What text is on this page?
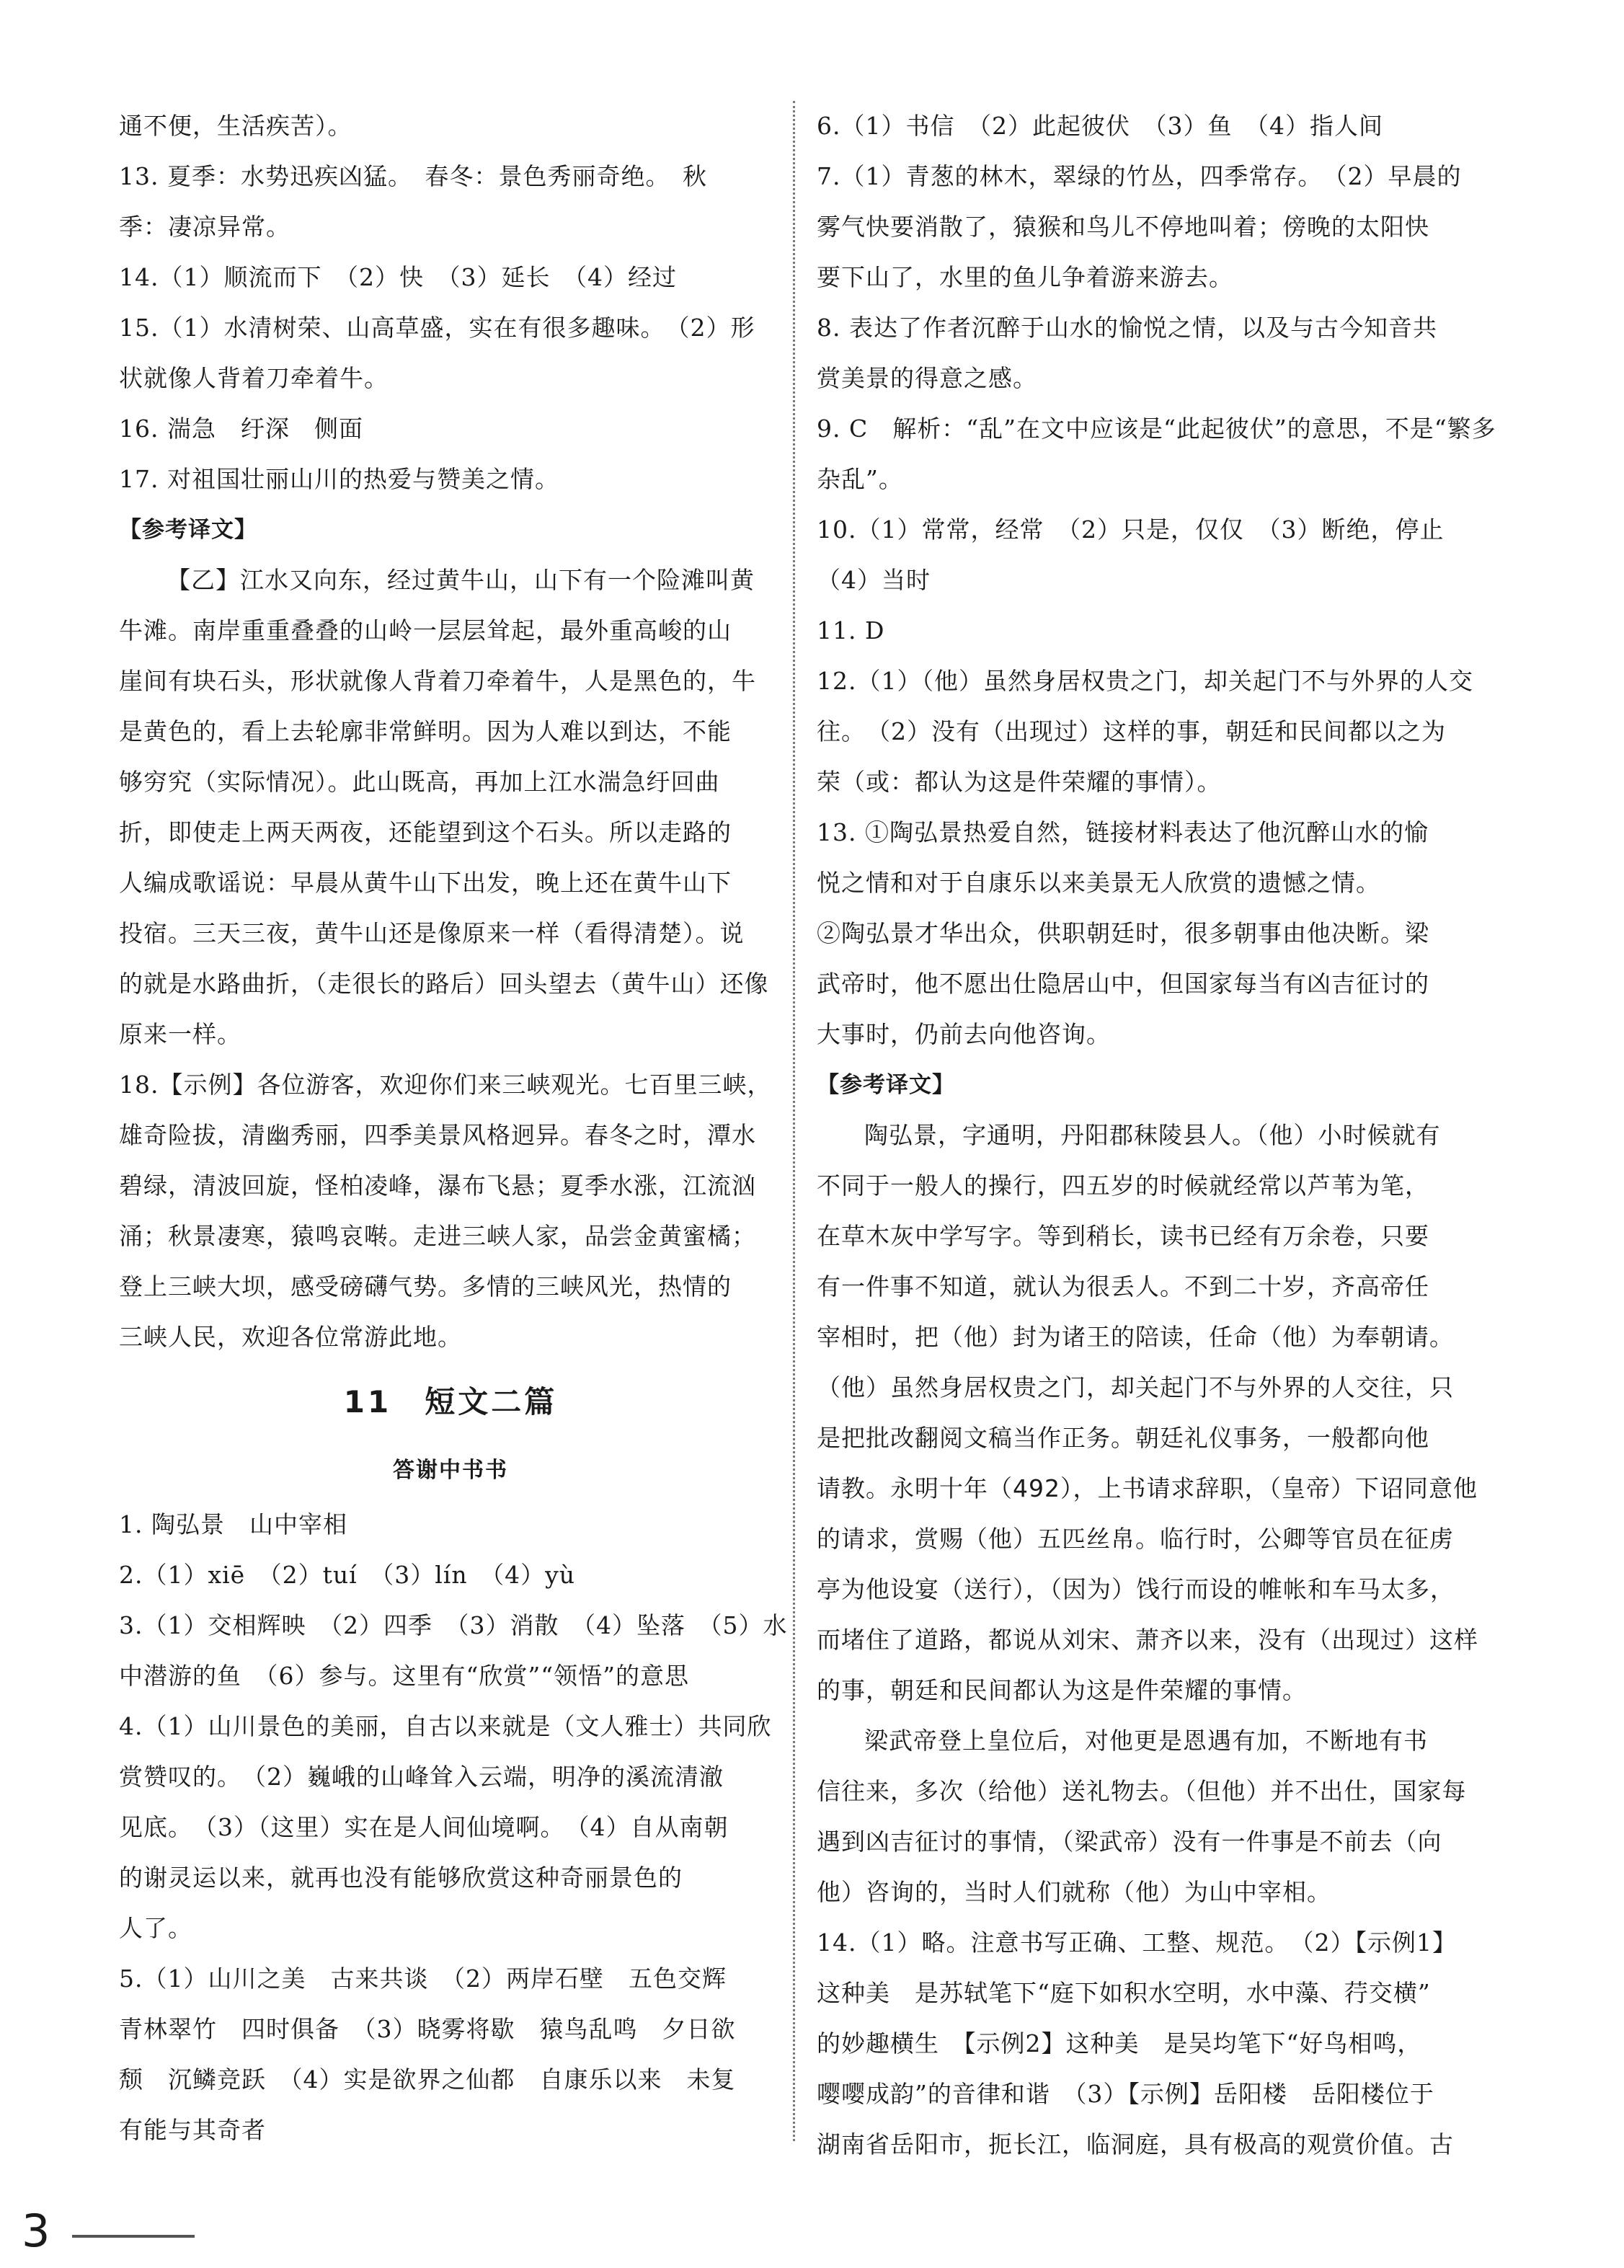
通不便，生活疾苦）。
13. 夏季：水势迅疾凶猛。　春冬：景色秀丽奇绝。　秋
季：凄凉异常。
14.（1）顺流而下　（2）快　（3）延长　（4）经过
15.（1）水清树荣、山高草盛，实在有很多趣味。　（2）形
状就像人背着刀牵着牛。
16. 湍急　纡深　侧面
17. 对祖国壮丽山川的热爱与赞美之情。
【参考译文】
【乙】江水又向东，经过黄牛山，山下有一个险滩叫黄
牛滩。南岸重重叠叠的山岭一层层耸起，最外重高峻的山
崖间有块石头，形状就像人背着刀牵着牛，人是黑色的，牛
是黄色的，看上去轮廓非常鲜明。因为人难以到达，不能
够穷究（实际情况）。此山既高，再加上江水湍急纡回曲
折，即使走上两天两夜，还能望到这个石头。所以走路的
人编成歌谣说：早晨从黄牛山下出发，晚上还在黄牛山下
投宿。三天三夜，黄牛山还是像原来一样（看得清楚）。说
的就是水路曲折，（走很长的路后）回头望去（黄牛山）还像
原来一样。
18.【示例】各位游客，欢迎你们来三峡观光。七百里三峡，
雄奇险拔，清幽秀丽，四季美景风格迥异。春冬之时，潭水
碧绿，清波回旋，怪柏凌峰，瀑布飞悬；夏季水涨，江流汹
涌；秋景凄寒，猿鸣哀啭。走进三峡人家，品尝金黄蜜橘；
登上三峡大坝，感受磅礴气势。多情的三峡风光，热情的
三峡人民，欢迎各位常游此地。
11　短文二篇
答谢中书书
1. 陶弘景　山中宰相
2.（1）xiē　（2）tuí　（3）lín　（4）yù
3.（1）交相辉映　（2）四季　（3）消散　（4）坠落　（5）水
中潜游的鱼　（6）参与。这里有“欣赏”“领悟”的意思
4.（1）山川景色的美丽，自古以来就是（文人雅士）共同欣
赏赞叹的。　（2）巍峨的山峰耸入云端，明净的溪流清澈
见底。　（3）（这里）实在是人间仙境啊。　（4）自从南朝
的谢灵运以来，就再也没有能够欣赏这种奇丽景色的
人了。
5.（1）山川之美　古来共谈　（2）两岸石壁　五色交辉
青林翠竹　四时俱备　（3）晓雾将歇　猿鸟乱鸣　夕日欲
颓　沉鳞竞跃　（4）实是欲界之仙都　自康乐以来　未复
有能与其奇者
6.（1）书信　（2）此起彼伏　（3）鱼　（4）指人间
7.（1）青葱的林木，翠绿的竹丛，四季常存。　（2）早晨的
雾气快要消散了，猿猴和鸟儿不停地叫着；傍晚的太阳快
要下山了，水里的鱼儿争着游来游去。
8. 表达了作者沉醉于山水的愉悦之情，以及与古今知音共
赏美景的得意之感。
9. C　解析：“乱”在文中应该是“此起彼伏”的意思，不是“繁多
杂乱”。
10.（1）常常，经常　（2）只是，仅仅　（3）断绝，停止
（4）当时
11. D
12.（1）（他）虽然身居权贵之门，却关起门不与外界的人交
往。　（2）没有（出现过）这样的事，朝廷和民间都以之为
荣（或：都认为这是件荣耀的事情）。
13. ①陶弘景热爱自然，链接材料表达了他沉醉山水的愉
悦之情和对于自康乐以来美景无人欣赏的遗憾之情。
②陶弘景才华出众，供职朝廷时，很多朝事由他决断。梁
武帝时，他不愿出仕隐居山中，但国家每当有凶吉征讨的
大事时，仍前去向他咨询。
【参考译文】
陶弘景，字通明，丹阳郡秣陵县人。（他）小时候就有
不同于一般人的操行，四五岁的时候就经常以芦苇为笔，
在草木灰中学写字。等到稍长，读书已经有万余卷，只要
有一件事不知道，就认为很丢人。不到二十岁，齐高帝任
宰相时，把（他）封为诸王的陪读，任命（他）为奉朝请。
（他）虽然身居权贵之门，却关起门不与外界的人交往，只
是把批改翻阅文稿当作正务。朝廷礼仪事务，一般都向他
请教。永明十年（492），上书请求辞职，（皇帝）下诏同意他
的请求，赏赐（他）五匹丝帛。临行时，公卿等官员在征虏
亭为他设宴（送行），（因为）饯行而设的帷帐和车马太多，
而堵住了道路，都说从刘宋、萧齐以来，没有（出现过）这样
的事，朝廷和民间都认为这是件荣耀的事情。
梁武帝登上皇位后，对他更是恩遇有加，不断地有书
信往来，多次（给他）送礼物去。（但他）并不出仕，国家每
遇到凶吉征讨的事情，（梁武帝）没有一件事是不前去（向
他）咨询的，当时人们就称（他）为山中宰相。
14.（1）略。注意书写正确、工整、规范。　（2）【示例1】
这种美　是苏轼笔下“庭下如积水空明，水中藻、荇交横”
的妙趣横生　【示例2】这种美　是吴均笔下“好鸟相鸣，
嘤嘤成韵”的音律和谐　（3）【示例】岳阳楼　岳阳楼位于
湖南省岳阳市，扼长江，临洞庭，具有极高的观赏价值。古
3
